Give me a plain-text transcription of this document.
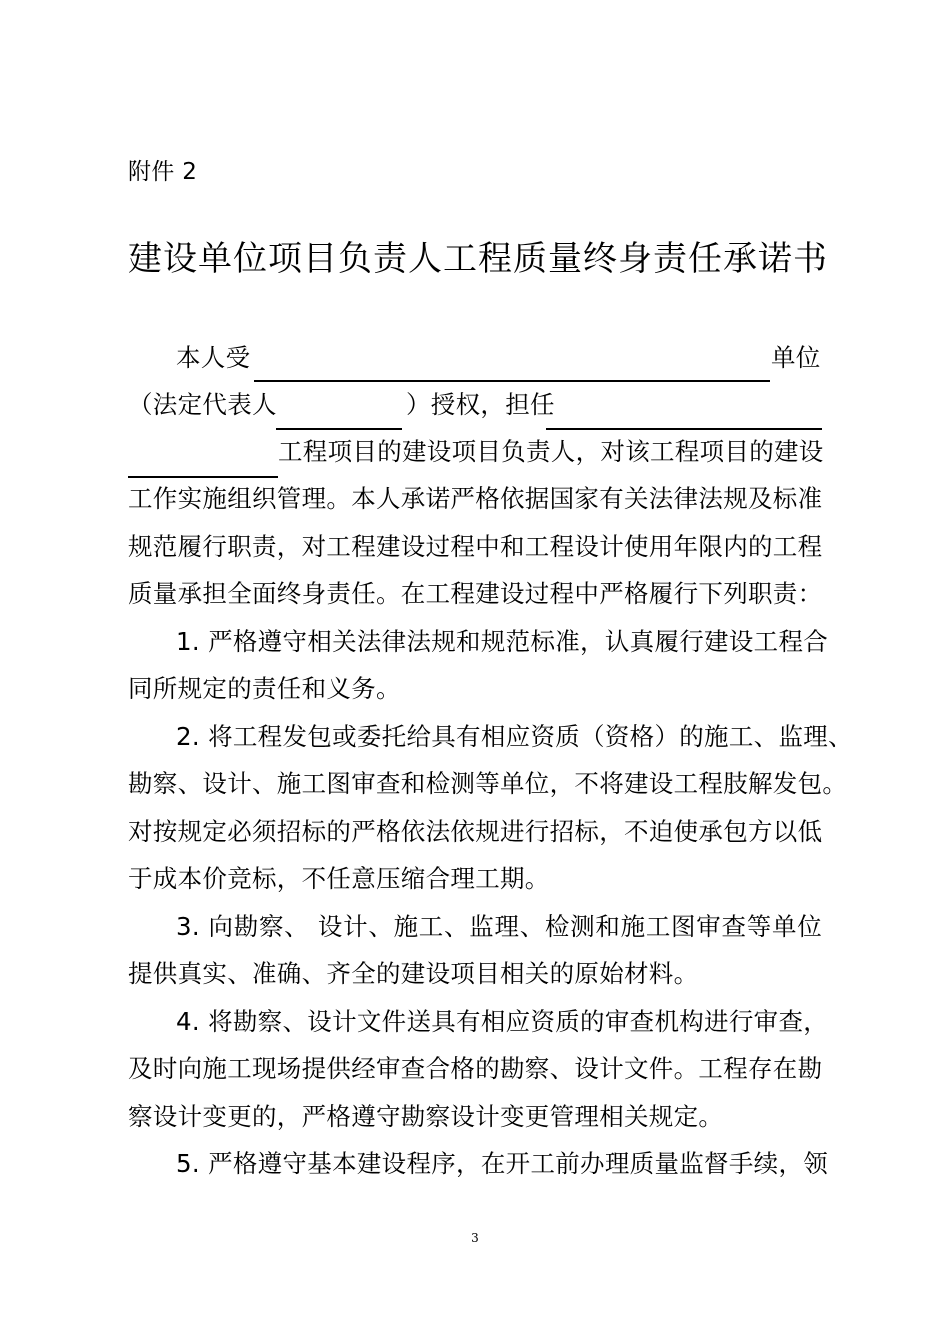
附件 2
建设单位项目负责人工程质量终身责任承诺书
本人受	单位
（法定代表人	）授权，担任
工程项目的建设项目负责人，对该工程项目的建设
工作实施组织管理。本人承诺严格依据国家有关法律法规及标准
规范履行职责，对工程建设过程中和工程设计使用年限内的工程
质量承担全面终身责任。在工程建设过程中严格履行下列职责：
1. 严格遵守相关法律法规和规范标准，认真履行建设工程合
同所规定的责任和义务。
2. 将工程发包或委托给具有相应资质（资格）的施工、监理、
勘察、设计、施工图审查和检测等单位，不将建设工程肢解发包。
对按规定必须招标的严格依法依规进行招标，不迫使承包方以低
于成本价竞标，不任意压缩合理工期。
3. 向勘察、 设计、施工、监理、检测和施工图审查等单位
提供真实、准确、齐全的建设项目相关的原始材料。
4. 将勘察、设计文件送具有相应资质的审查机构进行审查，
及时向施工现场提供经审查合格的勘察、设计文件。工程存在勘
察设计变更的，严格遵守勘察设计变更管理相关规定。
5. 严格遵守基本建设程序，在开工前办理质量监督手续，领
3
